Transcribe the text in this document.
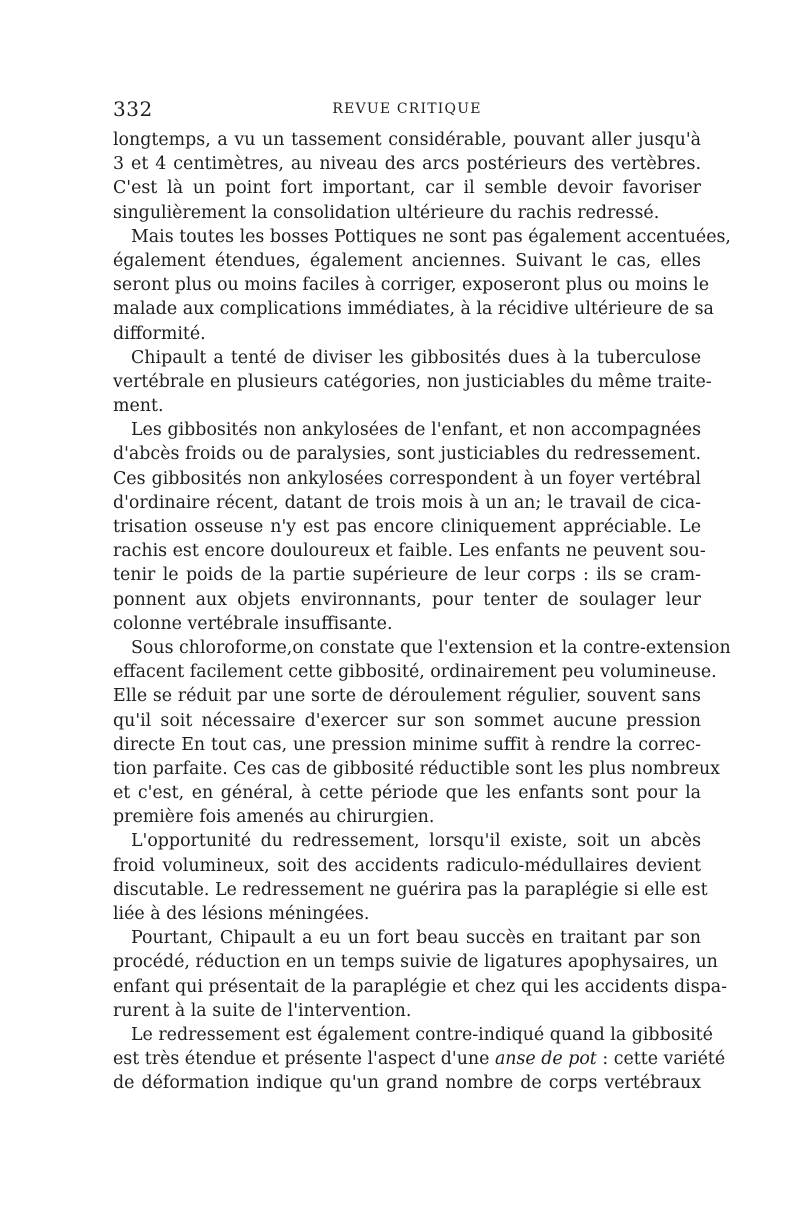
332	REVUE CRITIQUE
longtemps, a vu un tassement considérable, pouvant aller jusqu'à
3 et 4 centimètres, au niveau des arcs postérieurs des vertèbres.
C'est là un point fort important, car il semble devoir favoriser
singulièrement la consolidation ultérieure du rachis redressé.
Mais toutes les bosses Pottiques ne sont pas également accentuées,
également étendues, également anciennes. Suivant le cas, elles
seront plus ou moins faciles à corriger, exposeront plus ou moins le
malade aux complications immédiates, à la récidive ultérieure de sa
difformité.
Chipault a tenté de diviser les gibbosités dues à la tuberculose
vertébrale en plusieurs catégories, non justiciables du même traite-
ment.
Les gibbosités non ankylosées de l'enfant, et non accompagnées
d'abcès froids ou de paralysies, sont justiciables du redressement.
Ces gibbosités non ankylosées correspondent à un foyer vertébral
d'ordinaire récent, datant de trois mois à un an; le travail de cica-
trisation osseuse n'y est pas encore cliniquement appréciable. Le
rachis est encore douloureux et faible. Les enfants ne peuvent sou-
tenir le poids de la partie supérieure de leur corps : ils se cram-
ponnent aux objets environnants, pour tenter de soulager leur
colonne vertébrale insuffisante.
Sous chloroforme,on constate que l'extension et la contre-extension
effacent facilement cette gibbosité, ordinairement peu volumineuse.
Elle se réduit par une sorte de déroulement régulier, souvent sans
qu'il soit nécessaire d'exercer sur son sommet aucune pression
directe En tout cas, une pression minime suffit à rendre la correc-
tion parfaite. Ces cas de gibbosité réductible sont les plus nombreux
et c'est, en général, à cette période que les enfants sont pour la
première fois amenés au chirurgien.
L'opportunité du redressement, lorsqu'il existe, soit un abcès
froid volumineux, soit des accidents radiculo-médullaires devient
discutable. Le redressement ne guérira pas la paraplégie si elle est
liée à des lésions méningées.
Pourtant, Chipault a eu un fort beau succès en traitant par son
procédé, réduction en un temps suivie de ligatures apophysaires, un
enfant qui présentait de la paraplégie et chez qui les accidents dispa-
rurent à la suite de l'intervention.
Le redressement est également contre-indiqué quand la gibbosité
est très étendue et présente l'aspect d'une anse de pot : cette variété
de déformation indique qu'un grand nombre de corps vertébraux
